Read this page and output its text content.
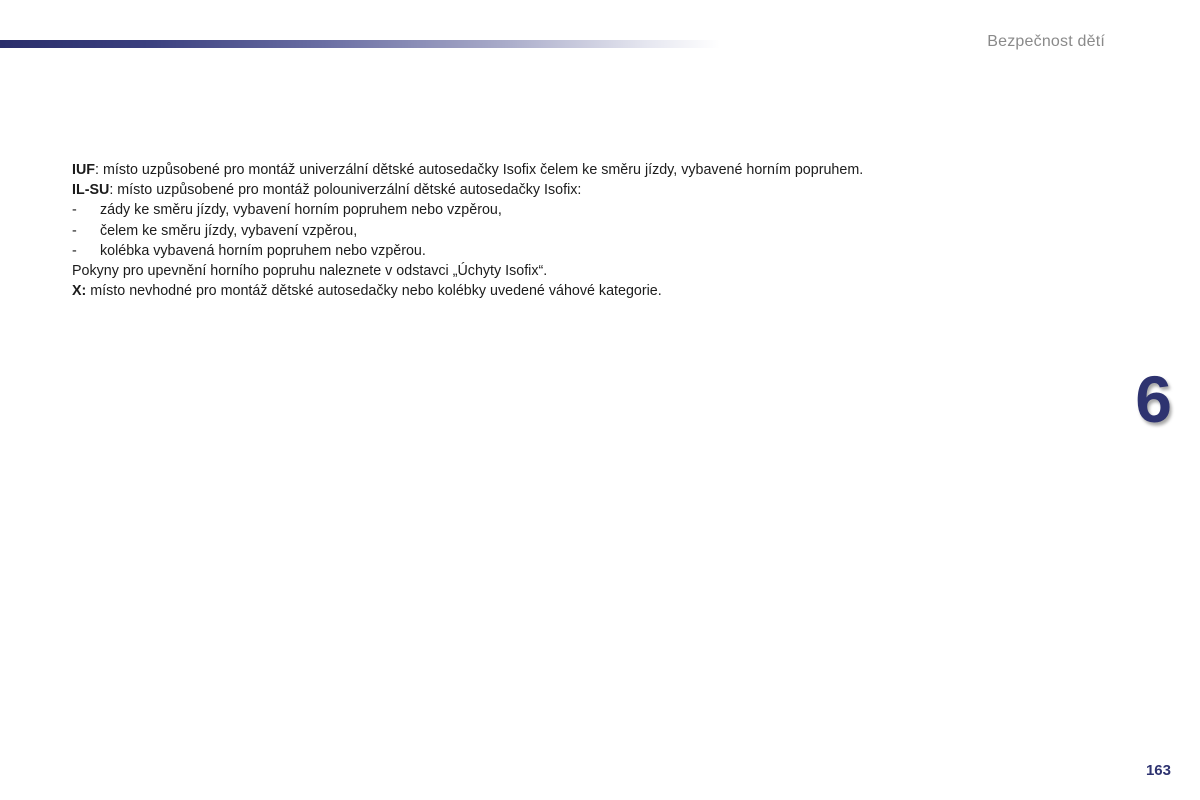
Bezpečnost dětí
IUF: místo uzpůsobené pro montáž univerzální dětské autosedačky Isofix čelem ke směru jízdy, vybavené horním popruhem.
IL-SU: místo uzpůsobené pro montáž polouniverzální dětské autosedačky Isofix:
-	zády ke směru jízdy, vybavení horním popruhem nebo vzpěrou,
-	čelem ke směru jízdy, vybavení vzpěrou,
-	kolébka vybavená horním popruhem nebo vzpěrou.
Pokyny pro upevnění horního popruhu naleznete v odstavci „Úchyty Isofix“.
X: místo nevhodné pro montáž dětské autosedačky nebo kolébky uvedené váhové kategorie.
6
163
